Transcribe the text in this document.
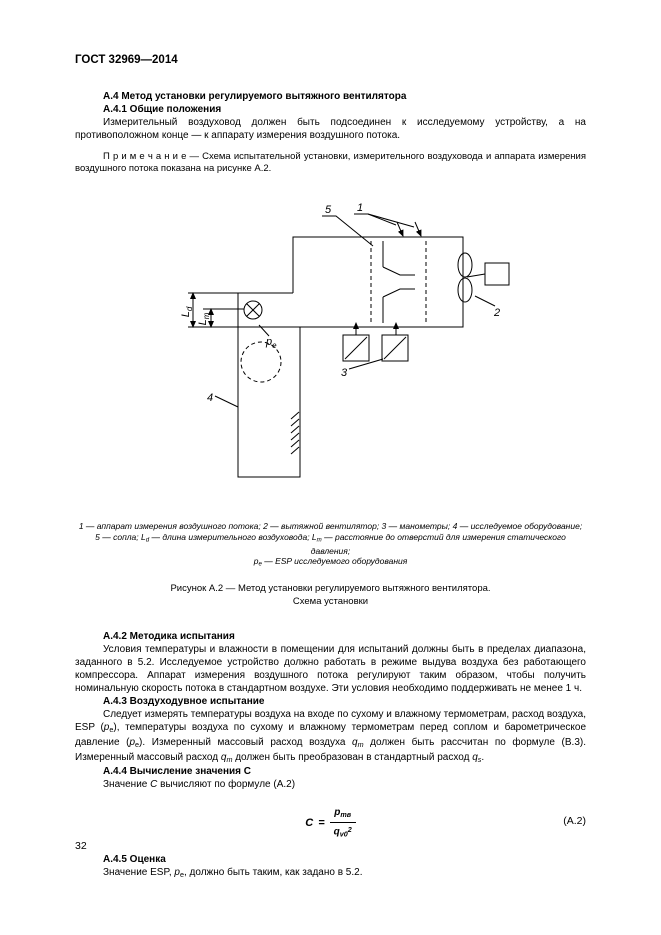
ГОСТ 32969—2014
А.4 Метод установки регулируемого вытяжного вентилятора
А.4.1 Общие положения
Измерительный воздуховод должен быть подсоединен к исследуемому устройству, а на противоположном конце — к аппарату измерения воздушного потока.
П р и м е ч а н и е — Схема испытательной установки, измерительного воздуховода и аппарата измерения воздушного потока показана на рисунке А.2.
5 1
2
3
4
$L_d$
$L_m$
$p_е$
1 — аппарат измерения воздушного потока; 2 — вытяжной вентилятор; 3 — манометры; 4 — исследуемое оборудование;
5 — сопла; $L_d$ — длина измерительного воздуховода; $L_m$ — расстояние до отверстий для измерения статического давления;
$p_е$ — ESP исследуемого оборудования
Рисунок А.2 — Метод установки регулируемого вытяжного вентилятора.
Схема установки
А.4.2 Методика испытания
Условия температуры и влажности в помещении для испытаний должны быть в пределах диапазона, заданного в 5.2. Исследуемое устройство должно работать в режиме выдува воздуха без работающего компрессора. Аппарат измерения воздушного потока регулируют таким образом, чтобы получить номинальную скорость потока в стандартном воздухе. Эти условия необходимо поддерживать не менее 1 ч.
А.4.3 Воздуходувное испытание
Следует измерять температуры воздуха на входе по сухому и влажному термометрам, расход воздуха, ESP $(p_е)$, температуры воздуха по сухому и влажному термометрам перед соплом и барометрическое давление $(p_е)$. Измеренный массовый расход воздуха $q_m$ должен быть рассчитан по формуле (В.3). Измеренный массовый расход $q_m$ должен быть преобразован в стандартный расход $q_s$.
А.4.4 Вычисление значения С
Значение С вычисляют по формуле (А.2)
$C = \frac{p_{тв}}{q_{v0}^2}$	(А.2)
А.4.5 Оценка
Значение ESP, $p_е$, должно быть таким, как задано в 5.2.
32
